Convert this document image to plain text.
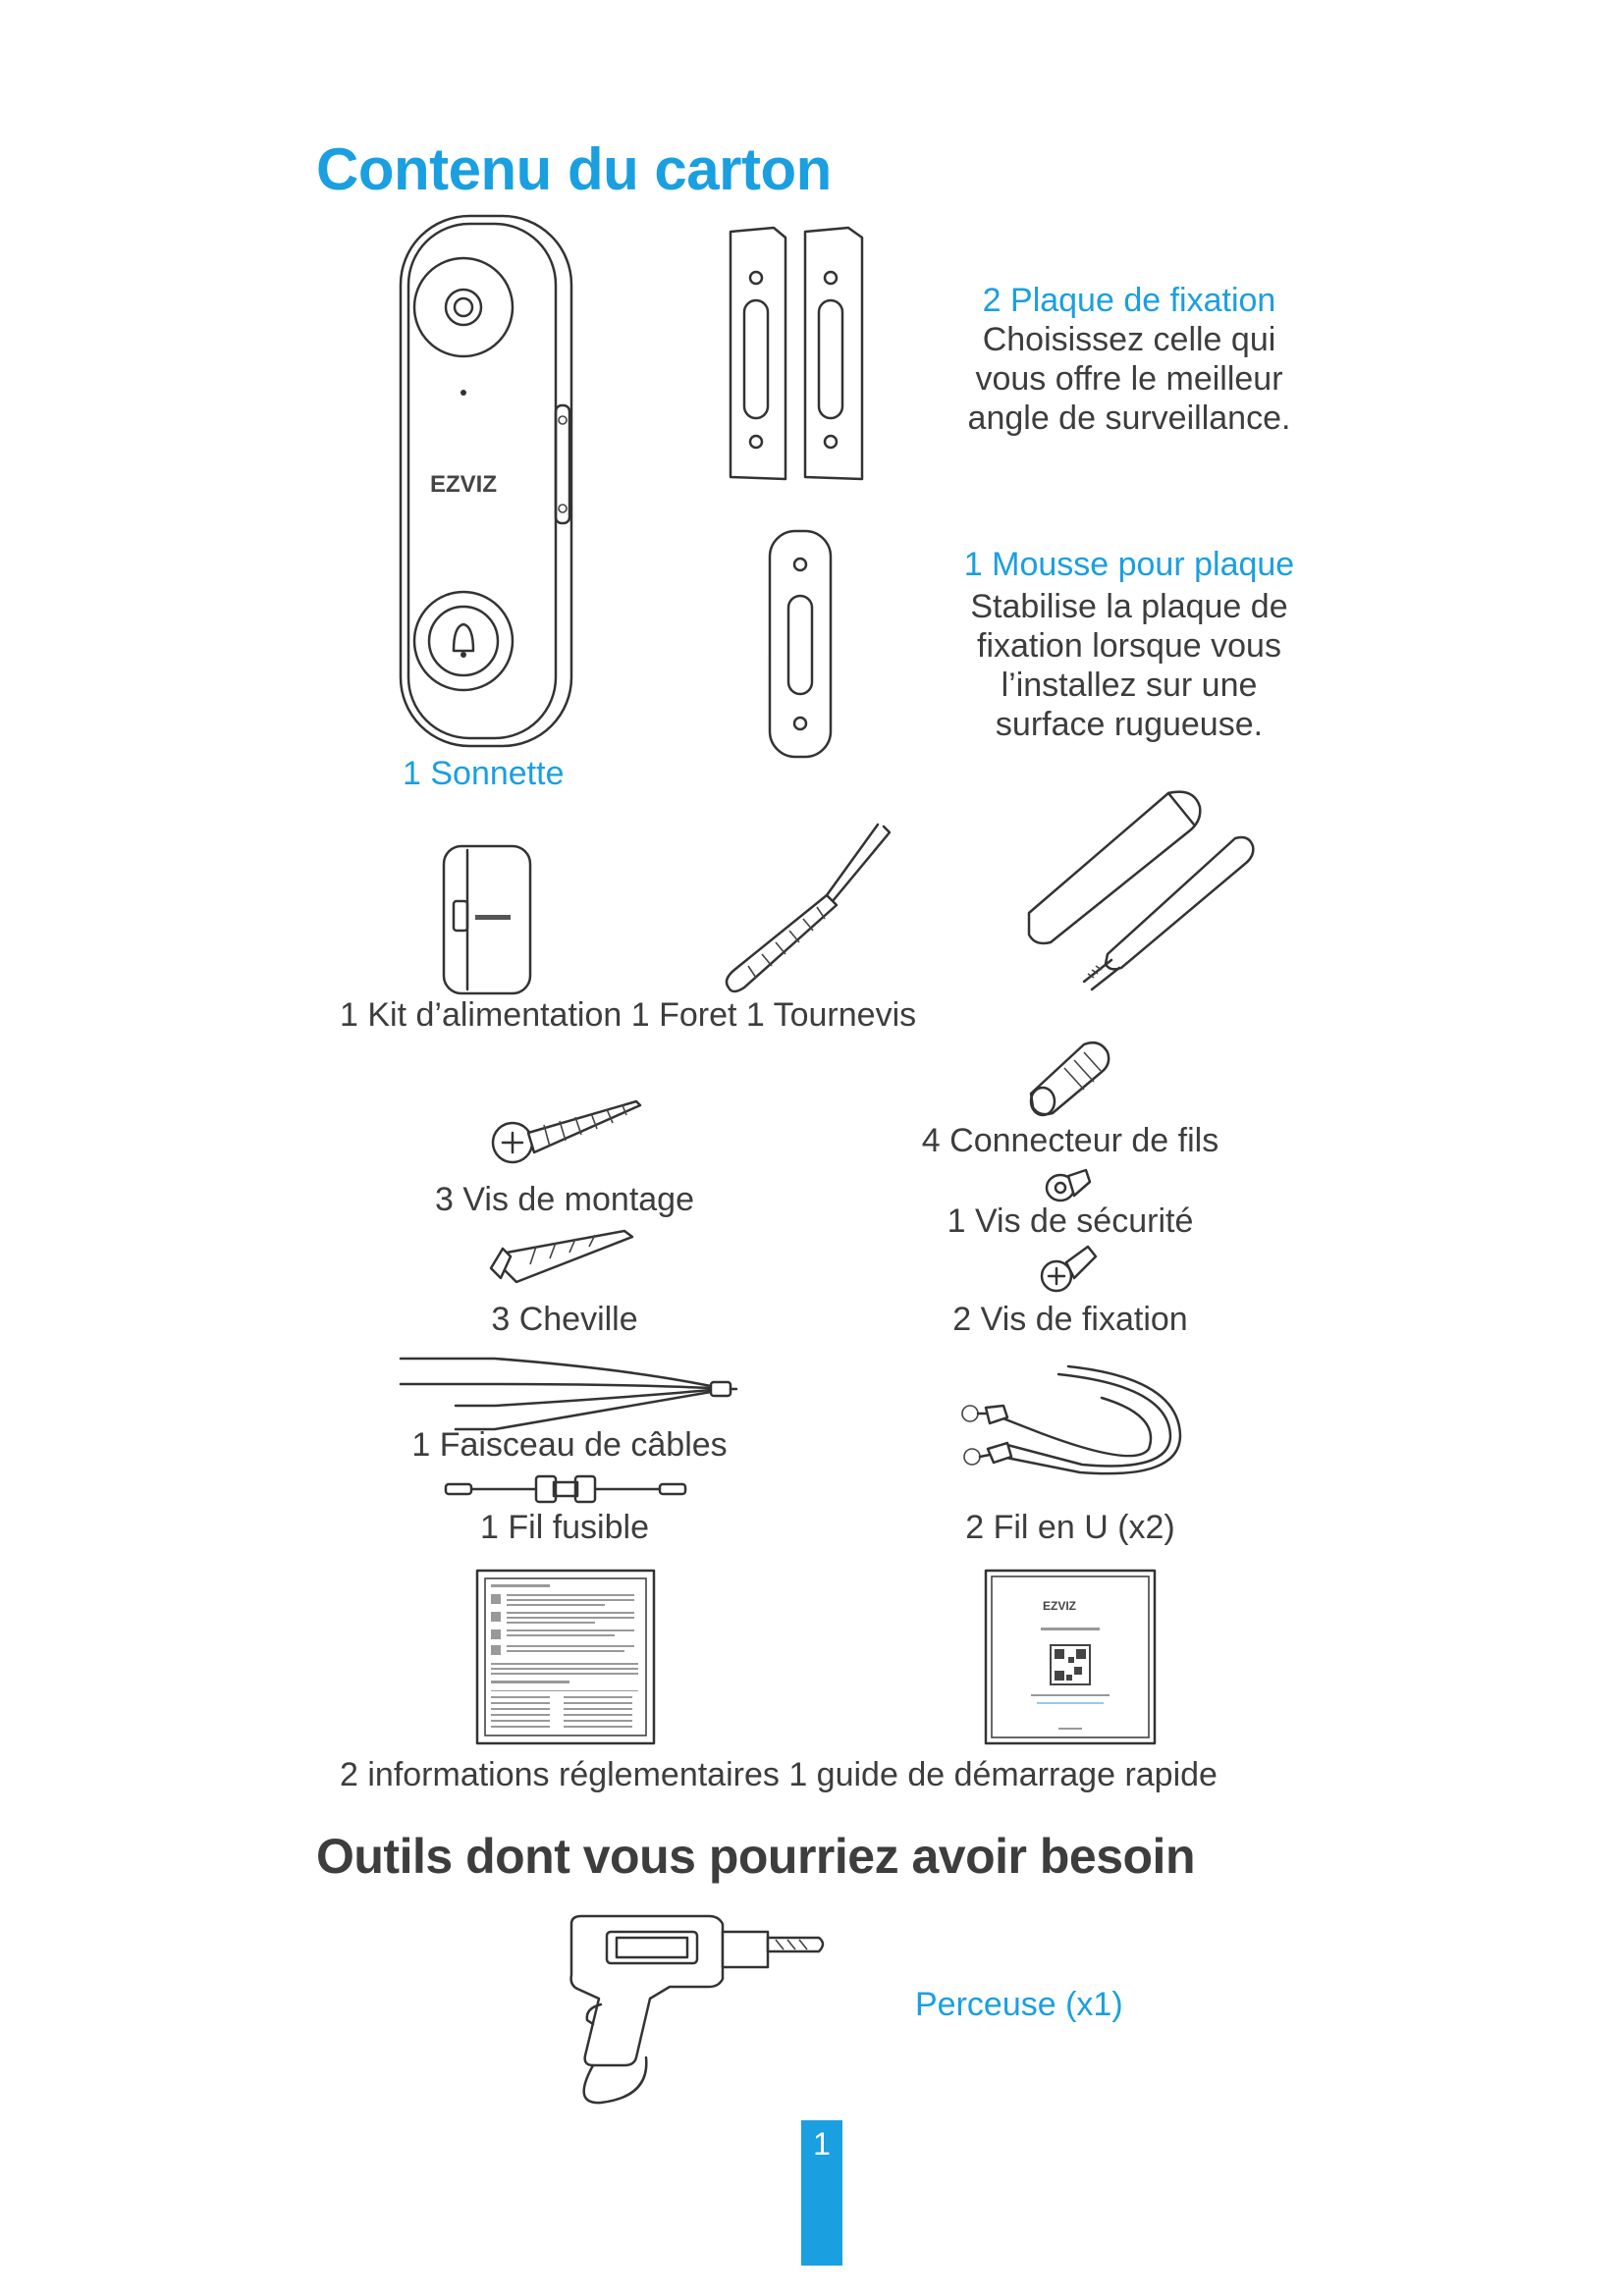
Contenu du carton
EZVIZ
1 Sonnette
2 Plaque de fixation
Choisissez celle qui
vous offre le meilleur
angle de surveillance.
1 Mousse pour plaque
Stabilise la plaque de
fixation lorsque vous
l’installez sur une
surface rugueuse.
1 Kit d’alimentation 1 Foret 1 Tournevis
4 Connecteur de fils
3 Vis de montage
1 Vis de sécurité
3 Cheville	2 Vis de fixation
1 Faisceau de câbles
1 Fil fusible	2 Fil en U (x2)
EZVIZ
2 informations réglementaires 1 guide de démarrage rapide
Outils dont vous pourriez avoir besoin
Perceuse (x1)
1
